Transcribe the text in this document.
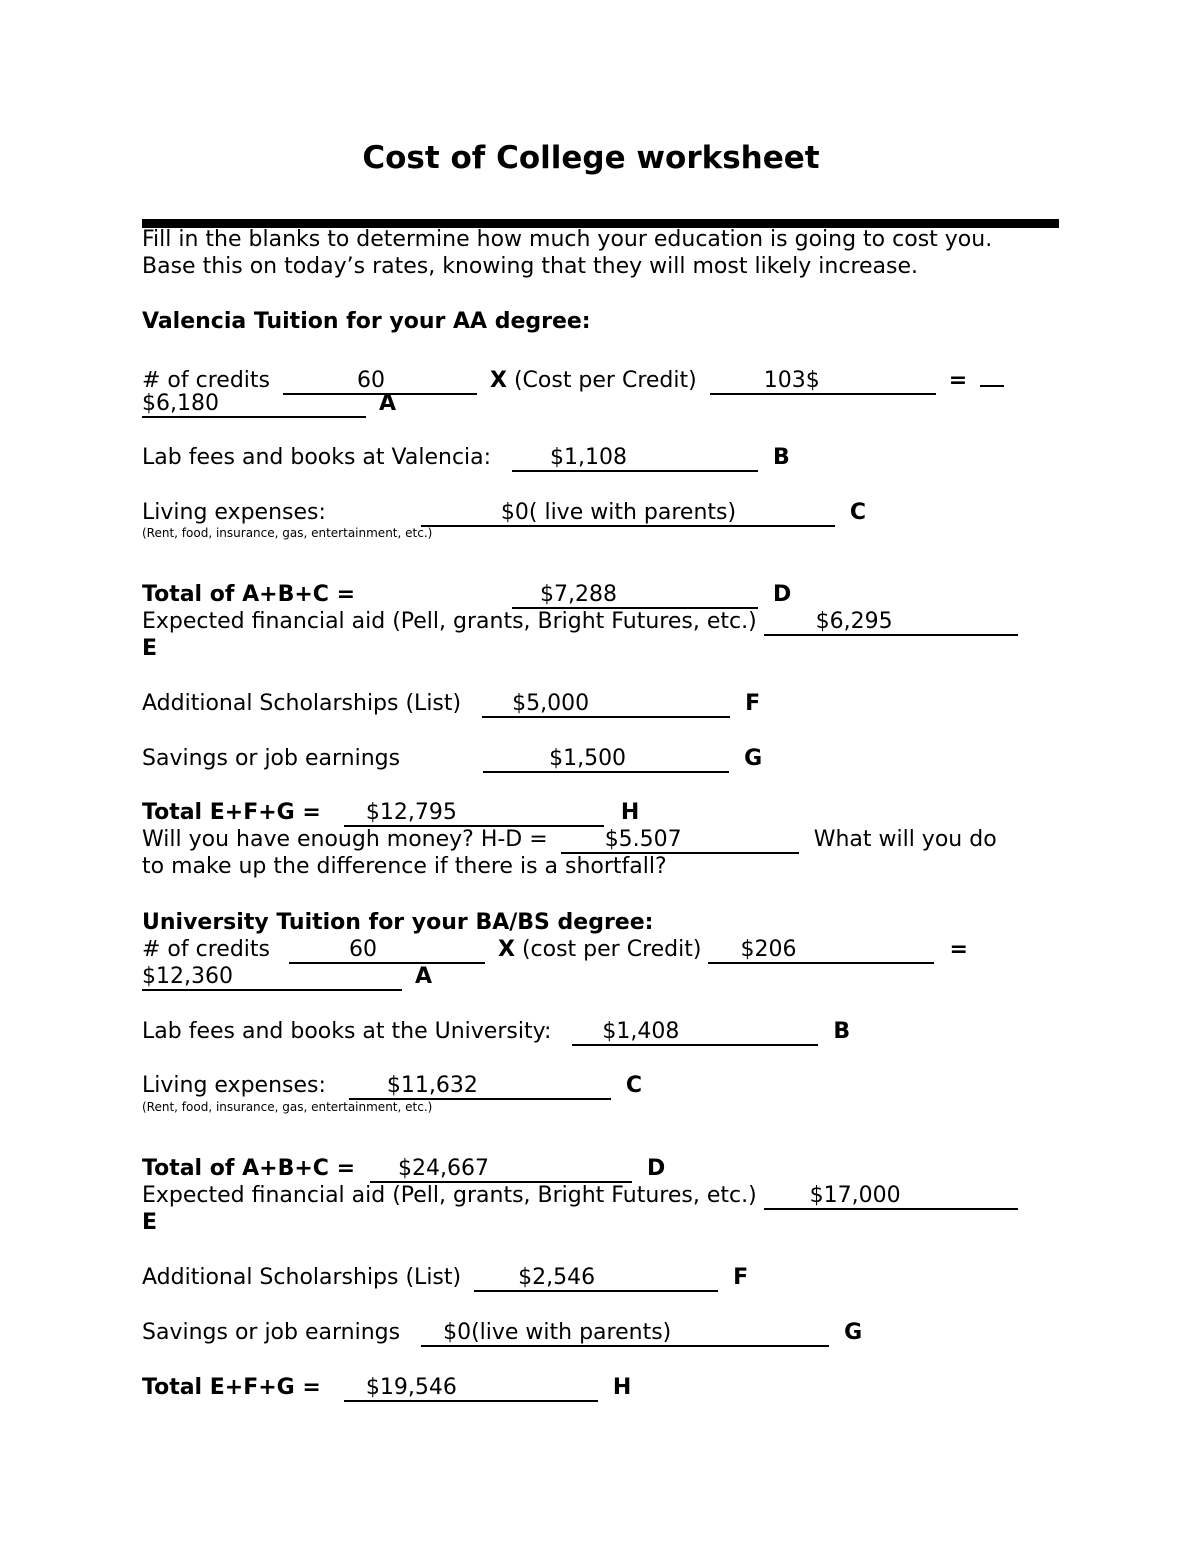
Cost of College worksheet
Fill in the blanks to determine how much your education is going to cost you.
Base this on today’s rates, knowing that they will most likely increase.
Valencia Tuition for your AA degree:
# of credits	60	X (Cost per Credit)	103$	=
$6,180	A
Lab fees and books at Valencia:	$1,108	B
Living expenses:	$0( live with parents)	C
(Rent, food, insurance, gas, entertainment, etc.)
Total of A+B+C =	$7,288	D
Expected financial aid (Pell, grants, Bright Futures, etc.)	$6,295
E
Additional Scholarships (List) $5,000	F
Savings or job earnings	$1,500	G
Total E+F+G = $12,795	H
Will you have enough money? H-D =	$5.507	What will you do
to make up the difference if there is a shortfall?
University Tuition for your BA/BS degree:
# of credits	60	X (cost per Credit) $206	=
$12,360	A
Lab fees and books at the University: $1,408	B
Living expenses:	$11,632	C
(Rent, food, insurance, gas, entertainment, etc.)
Total of A+B+C = $24,667	D
Expected financial aid (Pell, grants, Bright Futures, etc.) $17,000
E
Additional Scholarships (List)	$2,546	F
Savings or job earnings $0(live with parents)	G
Total E+F+G = $19,546	H
